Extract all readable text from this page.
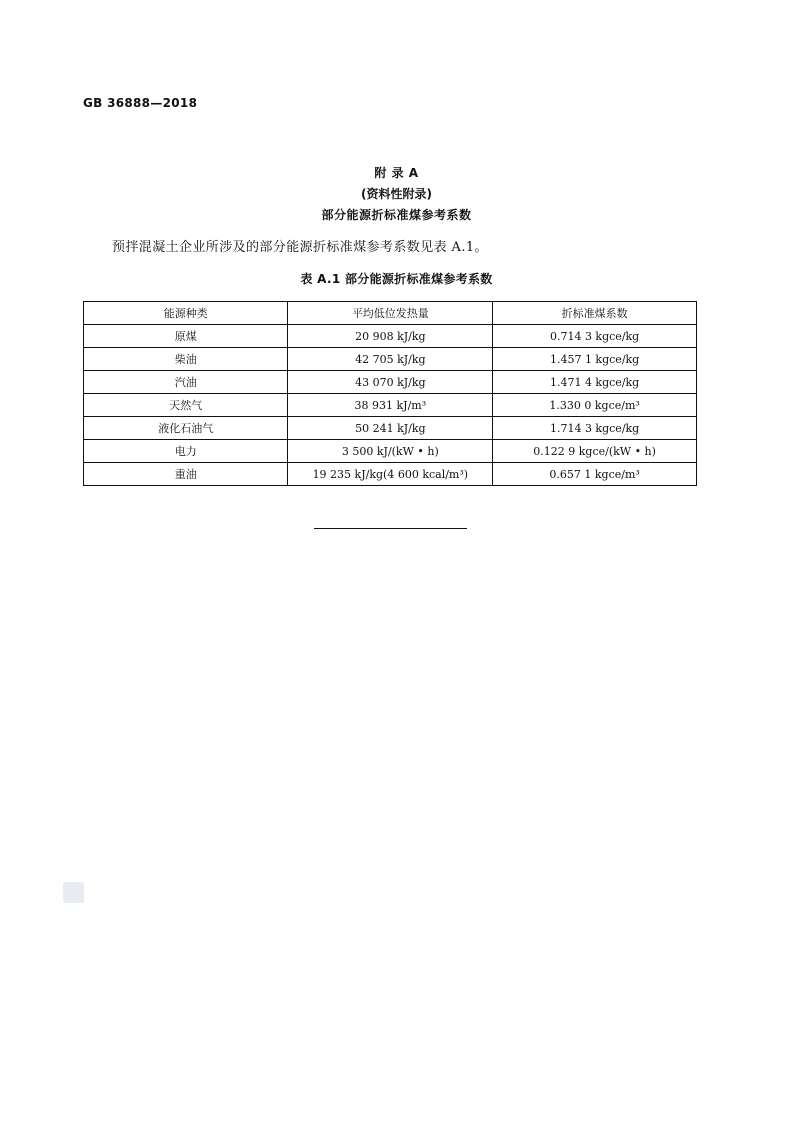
GB 36888—2018
附 录 A
(资料性附录)
部分能源折标准煤参考系数
预拌混凝土企业所涉及的部分能源折标准煤参考系数见表 A.1。
表 A.1 部分能源折标准煤参考系数
能源种类	平均低位发热量	折标准煤系数
原煤	20 908 kJ/kg	0.714 3 kgce/kg
柴油	42 705 kJ/kg	1.457 1 kgce/kg
汽油	43 070 kJ/kg	1.471 4 kgce/kg
天然气	38 931 kJ/m³	1.330 0 kgce/m³
液化石油气	50 241 kJ/kg	1.714 3 kgce/kg
电力	3 500 kJ/(kW • h)	0.122 9 kgce/(kW • h)
重油	19 235 kJ/kg(4 600 kcal/m³)	0.657 1 kgce/m³
